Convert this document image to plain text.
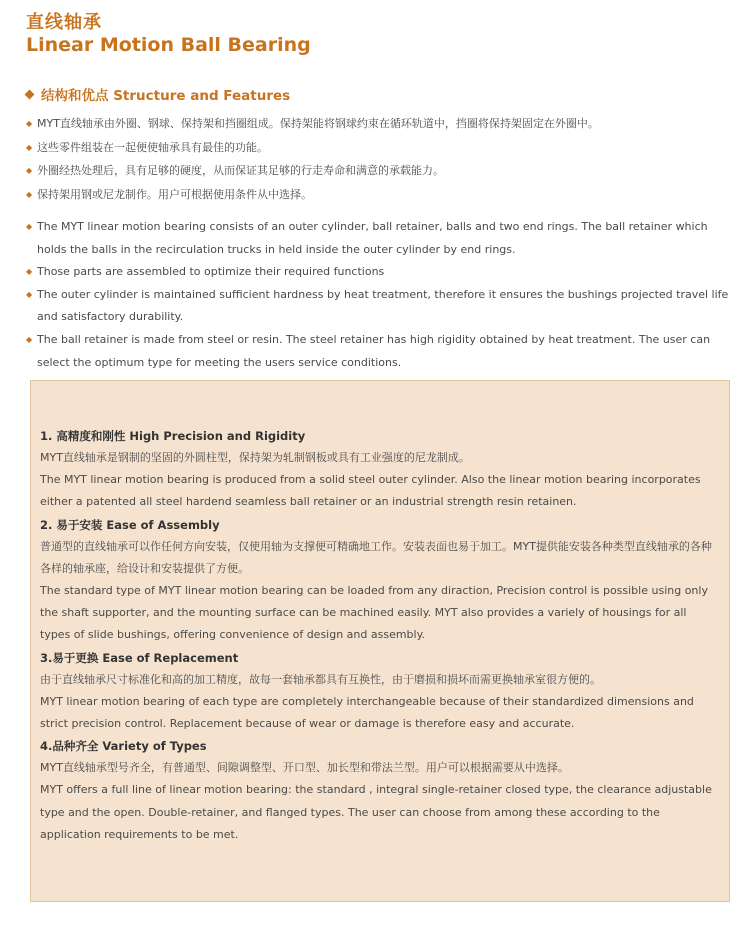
直线轴承
Linear Motion Ball Bearing
结构和优点 Structure and Features
◆ MYT直线轴承由外圈、钢球、保持架和挡圈组成。保持架能将钢球约束在循环轨道中，挡圈将保持架固定在外圈中。
◆ 这些零件组装在一起便使轴承具有最佳的功能。
◆ 外圈经热处理后，具有足够的硬度，从而保证其足够的行走寿命和满意的承载能力。
◆ 保持架用钢或尼龙制作。用户可根据使用条件从中选择。
◆ The MYT linear motion bearing consists of an outer cylinder, ball retainer, balls and two end rings. The ball retainer which holds the balls in the recirculation trucks in held inside the outer cylinder by end rings.
◆ Those parts are assembled to optimize their required functions
◆ The outer cylinder is maintained sufficient hardness by heat treatment, therefore it ensures the bushings projected travel life and satisfactory durability.
◆ The ball retainer is made from steel or resin. The steel retainer has high rigidity obtained by heat treatment. The user can select the optimum type for meeting the users service conditions.
1. 高精度和刚性 High Precision and Rigidity
MYT直线轴承是钢制的坚固的外圆柱型，保持架为轧制钢板或具有工业强度的尼龙制成。
The MYT linear motion bearing is produced from a solid steel outer cylinder. Also the linear motion bearing incorporates either a patented all steel hardend seamless ball retainer or an industrial strength resin retainen.
2. 易于安装 Ease of Assembly
普通型的直线轴承可以作任何方向安装，仅使用轴为支撑便可精确地工作。安装表面也易于加工。MYT提供能安装各种类型直线轴承的各种各样的轴承座，给设计和安装提供了方便。
The standard type of MYT linear motion bearing can be loaded from any diraction, Precision control is possible using only the shaft supporter, and the mounting surface can be machined easily. MYT also provides a variely of housings for all types of slide bushings, offering convenience of design and assembly.
3.易于更换 Ease of Replacement
由于直线轴承尺寸标准化和高的加工精度，故每一套轴承都具有互换性，由于磨损和损坏而需更换轴承室很方便的。
MYT linear motion bearing of each type are completely interchangeable because of their standardized dimensions and strict precision control. Replacement because of wear or damage is therefore easy and accurate.
4.品种齐全 Variety of Types
MYT直线轴承型号齐全，有普通型、间隙调整型、开口型、加长型和带法兰型。用户可以根据需要从中选择。
MYT offers a full line of linear motion bearing: the standard , integral single-retainer closed type, the clearance adjustable type and the open. Double-retainer, and flanged types. The user can choose from among these according to the application requirements to be met.
